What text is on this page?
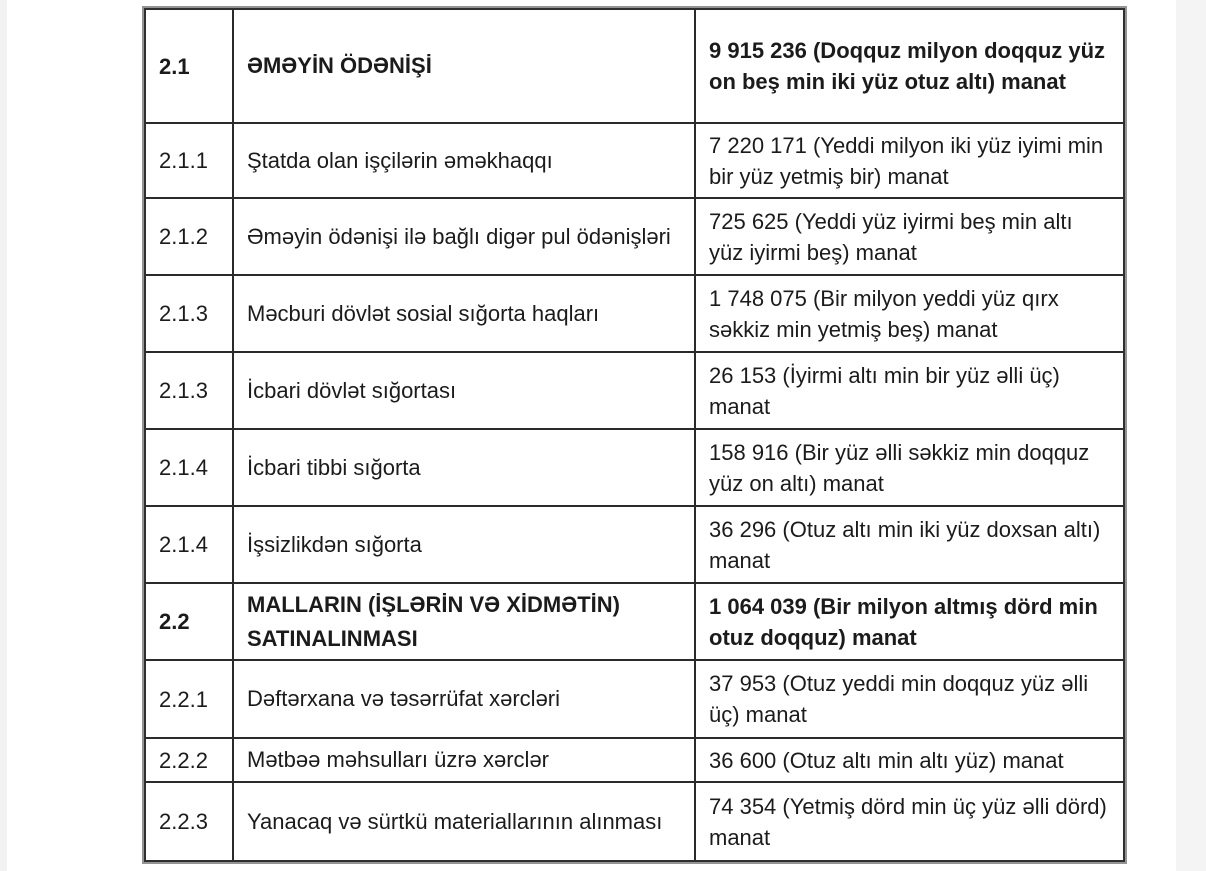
2.1	ƏMƏYİN ÖDƏNİŞİ
9 915 236 (Doqquz milyon doqquz yüz on beş min iki yüz otuz altı) manat
2.1.1 Ştatda olan işçilərin əməkhaqqı
7 220 171 (Yeddi milyon iki yüz iyimi min bir yüz yetmiş bir) manat
2.1.2 Əməyin ödənişi ilə bağlı digər pul ödənişləri
725 625 (Yeddi yüz iyirmi beş min altı yüz iyirmi beş) manat
2.1.3 Məcburi dövlət sosial sığorta haqları
1 748 075 (Bir milyon yeddi yüz qırx səkkiz min yetmiş beş) manat
2.1.3 İcbari dövlət sığortası
26 153 (İyirmi altı min bir yüz əlli üç) manat
2.1.4 İcbari tibbi sığorta
158 916 (Bir yüz əlli səkkiz min doqquz yüz on altı) manat
2.1.4 İşsizlikdən sığorta
36 296 (Otuz altı min iki yüz doxsan altı) manat
2.2
MALLARIN (İŞLƏRİN VƏ XİDMƏTİN) SATINALINMASI
1 064 039 (Bir milyon altmış dörd min otuz doqquz) manat
2.2.1 Dəftərxana və təsərrüfat xərcləri
37 953 (Otuz yeddi min doqquz yüz əlli üç) manat
2.2.2 Mətbəə məhsulları üzrə xərclər	36 600 (Otuz altı min altı yüz) manat
2.2.3 Yanacaq və sürtkü materiallarının alınması
74 354 (Yetmiş dörd min üç yüz əlli dörd) manat
